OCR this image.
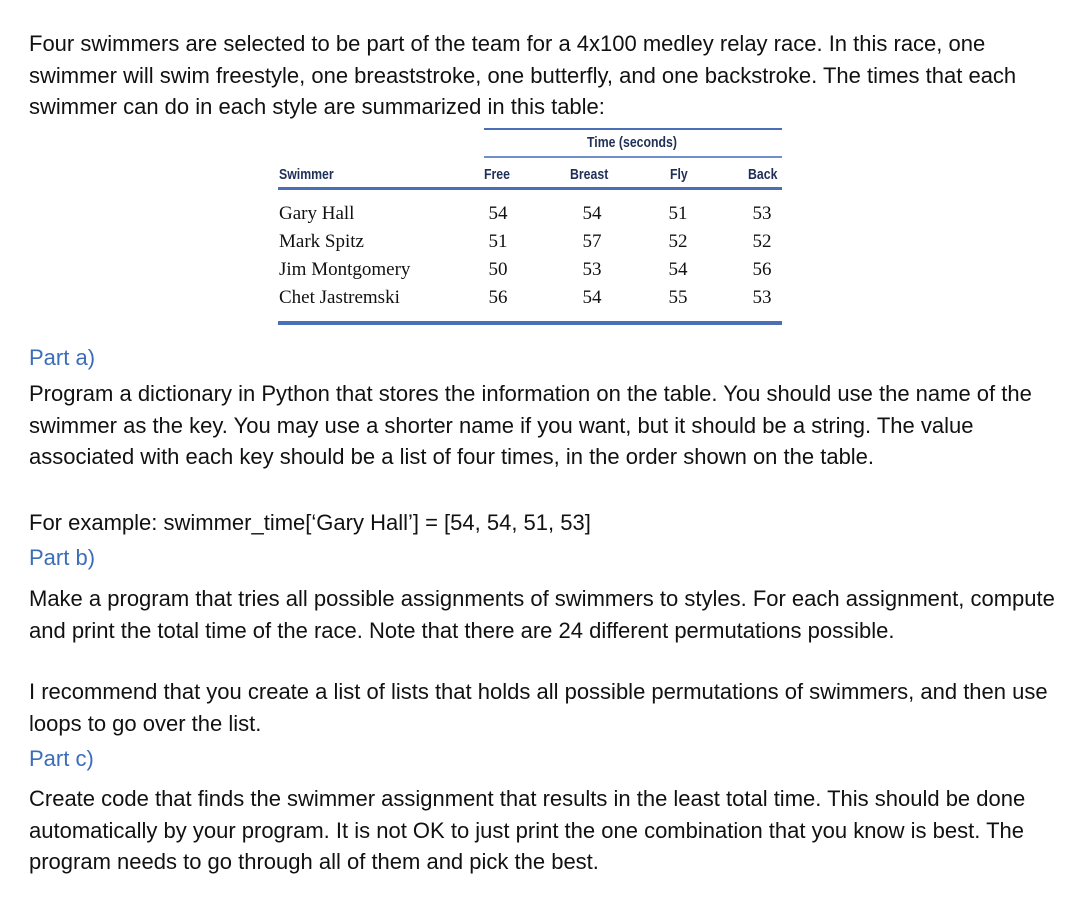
Four swimmers are selected to be part of the team for a 4x100 medley relay race. In this race, one swimmer will swim freestyle, one breaststroke, one butterfly, and one backstroke. The times that each swimmer can do in each style are summarized in this table:

Time (seconds)
Swimmer	Free	Breast	Fly	Back
Gary Hall	54	54	51	53
Mark Spitz	51	57	52	52
Jim Montgomery	50	53	54	56
Chet Jastremski	56	54	55	53

Part a)

Program a dictionary in Python that stores the information on the table. You should use the name of the swimmer as the key. You may use a shorter name if you want, but it should be a string. The value associated with each key should be a list of four times, in the order shown on the table.

For example: swimmer_time[‘Gary Hall’] = [54, 54, 51, 53]

Part b)

Make a program that tries all possible assignments of swimmers to styles. For each assignment, compute and print the total time of the race. Note that there are 24 different permutations possible.

I recommend that you create a list of lists that holds all possible permutations of swimmers, and then use loops to go over the list.

Part c)

Create code that finds the swimmer assignment that results in the least total time. This should be done automatically by your program. It is not OK to just print the one combination that you know is best. The program needs to go through all of them and pick the best.
